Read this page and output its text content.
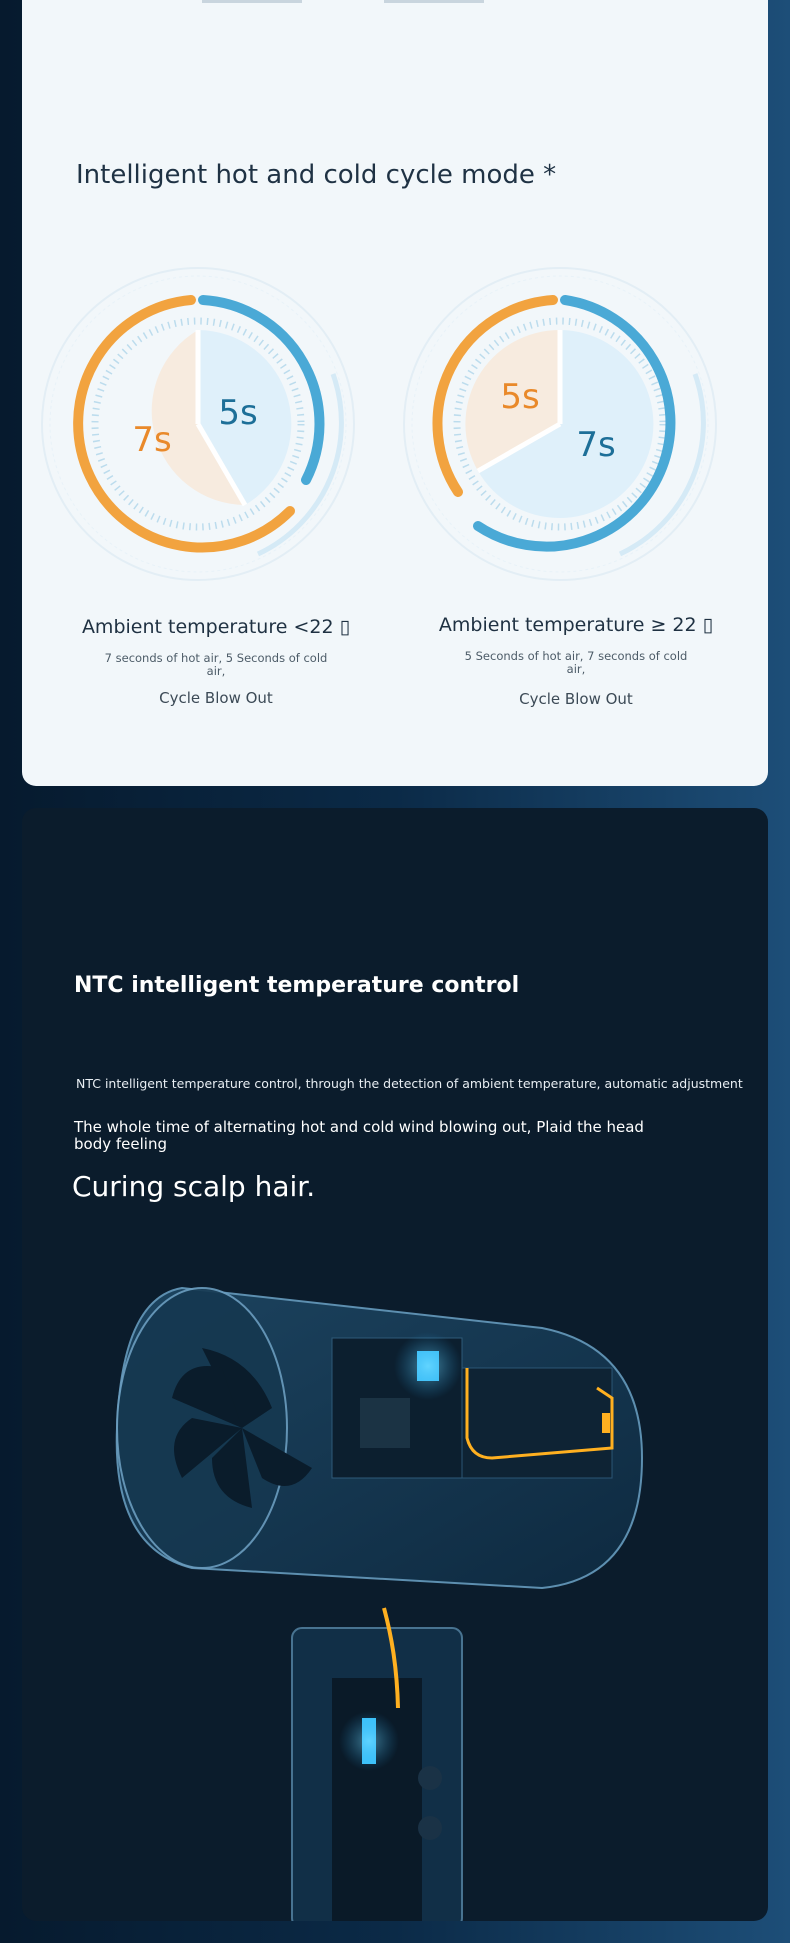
Intelligent hot and cold cycle mode *
5s
7s
5s
7s
Ambient temperature <22 ▯
7 seconds of hot air, 5 Seconds of cold air,
Cycle Blow Out
Ambient temperature ≥ 22 ▯
5 Seconds of hot air, 7 seconds of cold air,
Cycle Blow Out
NTC intelligent temperature control

NTC intelligent temperature control, through the detection of ambient temperature, automatic adjustment

The whole time of alternating hot and cold wind blowing out, Plaid the head body feeling

Curing scalp hair.
